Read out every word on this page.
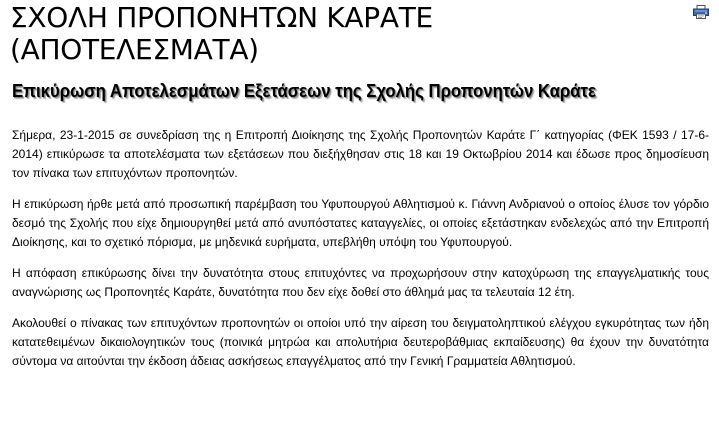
ΣΧΟΛΗ ΠΡΟΠΟΝΗΤΩΝ ΚΑΡΑΤΕ
(ΑΠΟΤΕΛΕΣΜΑΤΑ)
Επικύρωση Αποτελεσμάτων Εξετάσεων της Σχολής Προπονητών Καράτε

Σήμερα, 23-1-2015 σε συνεδρίαση της η Επιτροπή Διοίκησης της Σχολής Προπονητών Καράτε Γ΄ κατηγορίας (ΦΕΚ 1593 / 17-6-2014) επικύρωσε τα αποτελέσματα των εξετάσεων που διεξήχθησαν στις 18 και 19 Οκτωβρίου 2014 και έδωσε προς δημοσίευση τον πίνακα των επιτυχόντων προπονητών.

Η επικύρωση ήρθε μετά από προσωπική παρέμβαση του Υφυπουργού Αθλητισμού κ. Γιάννη Ανδριανού ο οποίος έλυσε τον γόρδιο δεσμό της Σχολής που είχε δημιουργηθεί μετά από ανυπόστατες καταγγελίες, οι οποίες εξετάστηκαν ενδελεχώς από την Επιτροπή Διοίκησης, και το σχετικό πόρισμα, με μηδενικά ευρήματα, υπεβλήθη υπόψη του Υφυπουργού.

Η απόφαση επικύρωσης δίνει την δυνατότητα στους επιτυχόντες να προχωρήσουν στην κατοχύρωση της επαγγελματικής τους αναγνώρισης ως Προπονητές Καράτε, δυνατότητα που δεν είχε δοθεί στο άθλημά μας τα τελευταία 12 έτη.

Ακολουθεί ο πίνακας των επιτυχόντων προπονητών οι οποίοι υπό την αίρεση του δειγματοληπτικού ελέγχου εγκυρότητας των ήδη κατατεθειμένων δικαιολογητικών τους (ποινικά μητρώα και απολυτήρια δευτεροβάθμιας εκπαίδευσης) θα έχουν την δυνατότητα σύντομα να αιτούνται την έκδοση άδειας ασκήσεως επαγγέλματος από την Γενική Γραμματεία Αθλητισμού.
